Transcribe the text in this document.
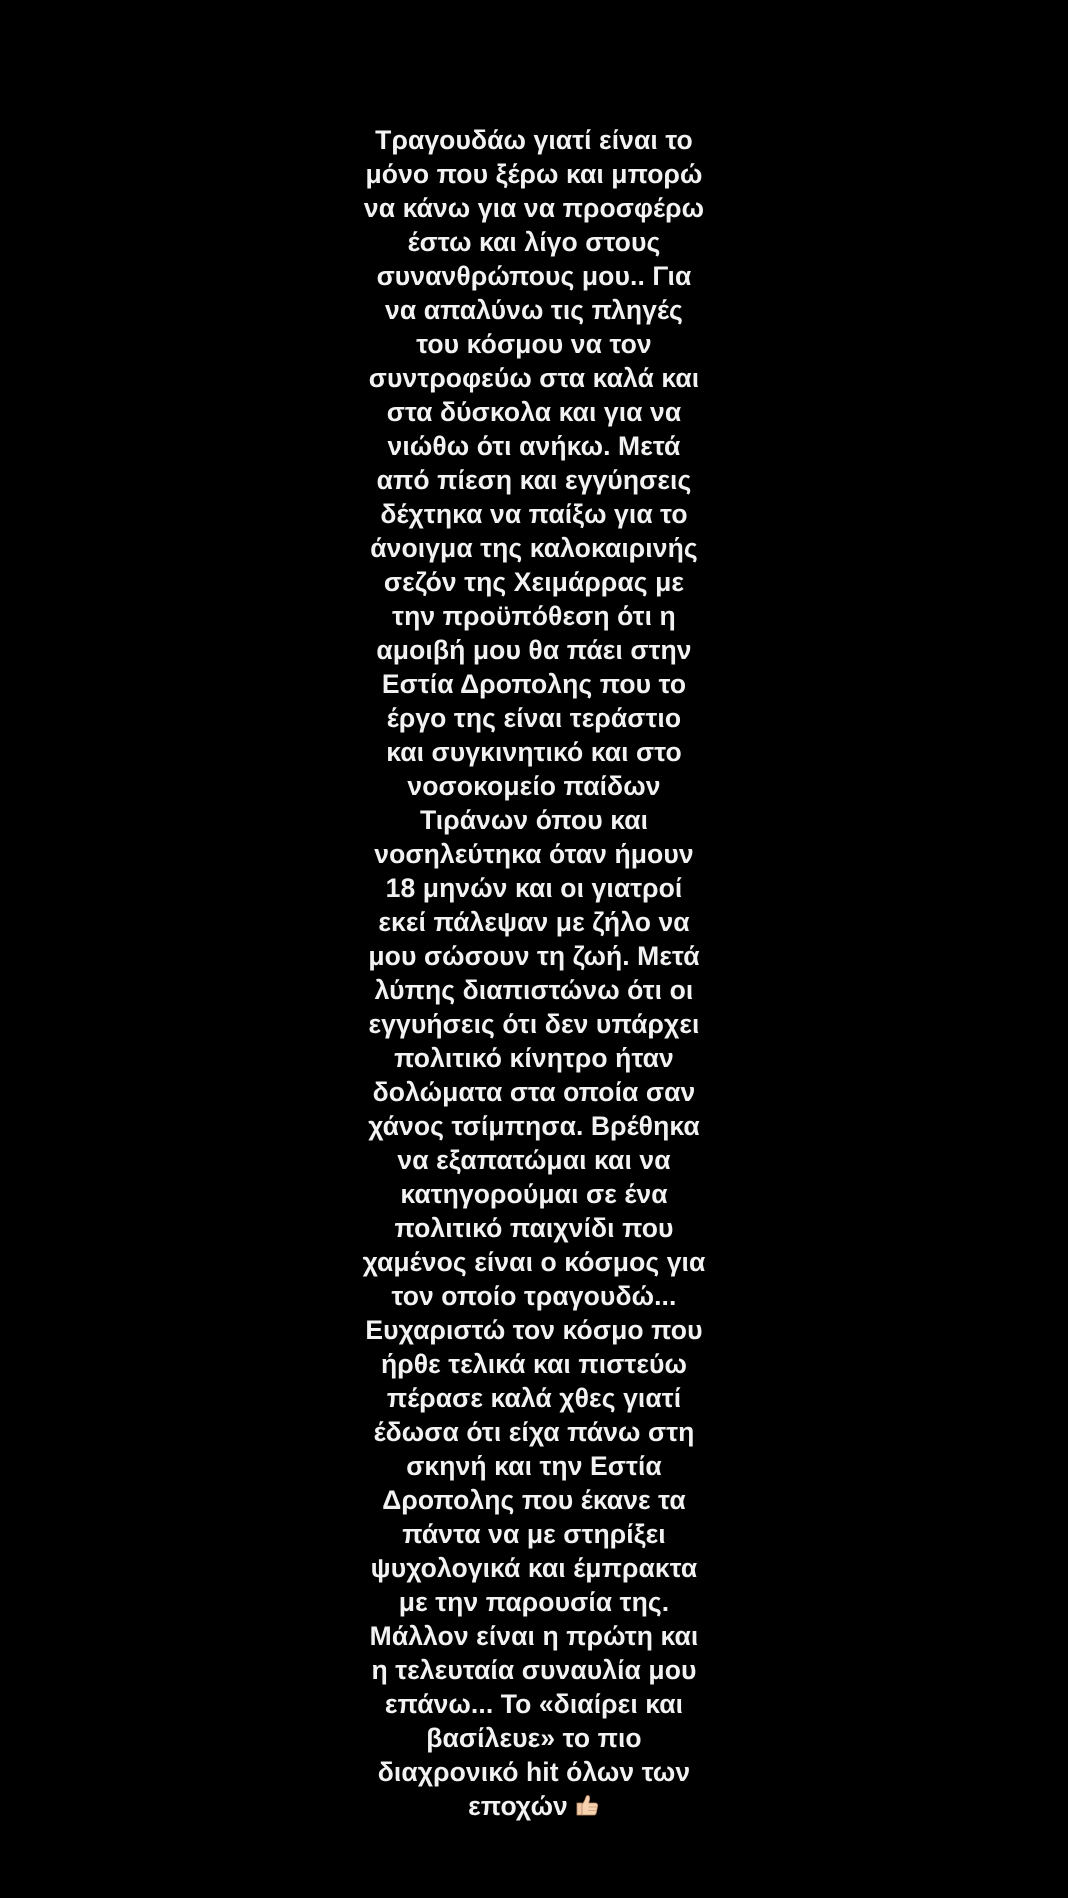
Τραγουδάω γιατί είναι το
μόνο που ξέρω και μπορώ
να κάνω για να προσφέρω
έστω και λίγο στους
συνανθρώπους μου.. Για
να απαλύνω τις πληγές
του κόσμου να τον
συντροφεύω στα καλά και
στα δύσκολα και για να
νιώθω ότι ανήκω. Μετά
από πίεση και εγγύησεις
δέχτηκα να παίξω για το
άνοιγμα της καλοκαιρινής
σεζόν της Χειμάρρας με
την προϋπόθεση ότι η
αμοιβή μου θα πάει στην
Εστία Δροπολης που το
έργο της είναι τεράστιο
και συγκινητικό και στο
νοσοκομείο παίδων
Τιράνων όπου και
νοσηλεύτηκα όταν ήμουν
18 μηνών και οι γιατροί
εκεί πάλεψαν με ζήλο να
μου σώσουν τη ζωή. Μετά
λύπης διαπιστώνω ότι οι
εγγυήσεις ότι δεν υπάρχει
πολιτικό κίνητρο ήταν
δολώματα στα οποία σαν
χάνος τσίμπησα. Βρέθηκα
να εξαπατώμαι και να
κατηγορούμαι σε ένα
πολιτικό παιχνίδι που
χαμένος είναι ο κόσμος για
τον οποίο τραγουδώ...
Ευχαριστώ τον κόσμο που
ήρθε τελικά και πιστεύω
πέρασε καλά χθες γιατί
έδωσα ότι είχα πάνω στη
σκηνή και την Εστία
Δροπολης που έκανε τα
πάντα να με στηρίξει
ψυχολογικά και έμπρακτα
με την παρουσία της.
Μάλλον είναι η πρώτη και
η τελευταία συναυλία μου
επάνω... Το «διαίρει και
βασίλευε» το πιο
διαχρονικό hit όλων των
εποχών
